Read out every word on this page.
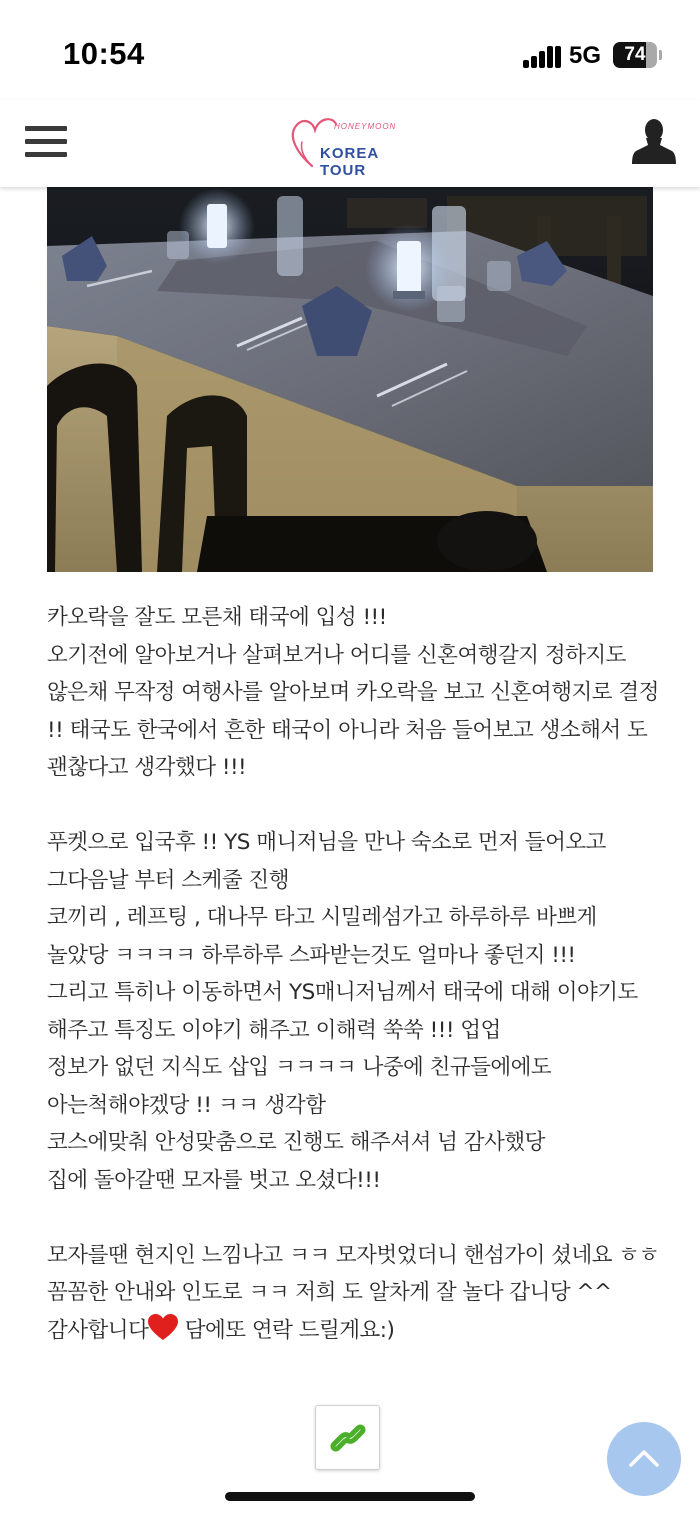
10:54	5G	74
HONEYMOON
KOREA TOUR

카오락을 잘도 모른채 태국에 입성 !!!

오기전에 알아보거나 살펴보거나 어디를 신혼여행갈지 정하지도 않은채 무작정 여행사를 알아보며 카오락을 보고 신혼여행지로 결정 !! 태국도 한국에서 흔한 태국이 아니라 처음 들어보고 생소해서 도 괜찮다고 생각했다 !!!

푸켓으로 입국후 !! YS 매니저님을 만나 숙소로 먼저 들어오고 그다음날 부터 스케줄 진행

코끼리 , 레프팅 , 대나무 타고 시밀레섬가고 하루하루 바쁘게 놀았당 ㅋㅋㅋㅋ 하루하루 스파받는것도 얼마나 좋던지 !!!

그리고 특히나 이동하면서 YS매니저님께서 태국에 대해 이야기도 해주고 특징도 이야기 해주고 이해력 쑥쑥 !!! 업업

정보가 없던 지식도 삽입 ㅋㅋㅋㅋ 나중에 친규들에에도 아는척해야겠당 !! ㅋㅋ 생각함

코스에맞춰 안성맞춤으로 진행도 해주셔셔 넘 감사했당

집에 돌아갈땐 모자를 벗고 오셨다!!!

모자를땐 현지인 느낌나고 ㅋㅋ 모자벗었더니 핸섬가이 셨네요 ㅎㅎ 꼼꼼한 안내와 인도로 ㅋㅋ 저희 도 알차게 잘 놀다 갑니당 ^^ 감사합니다 담에또 연락 드릴게요:)
